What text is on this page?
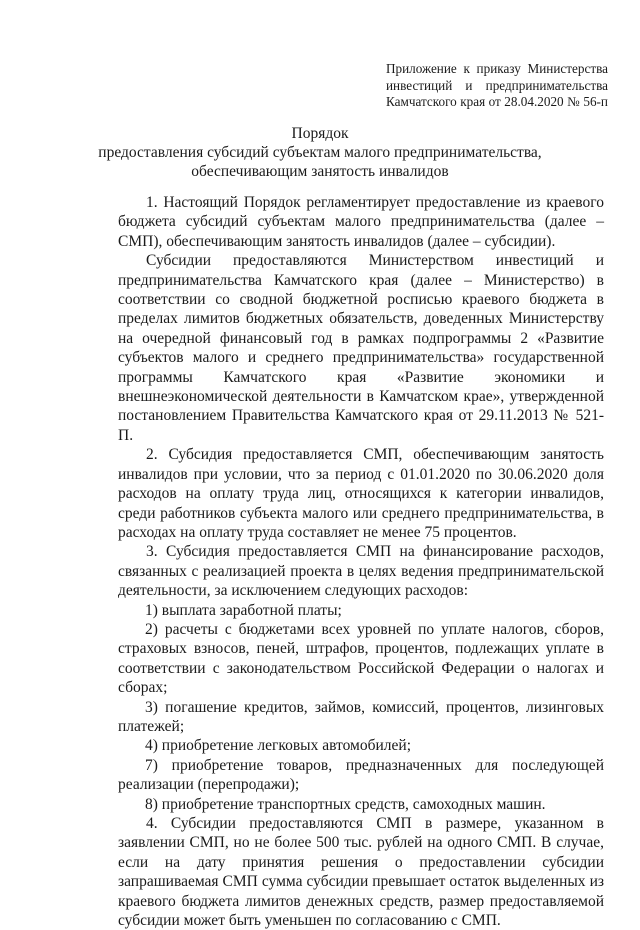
Приложение к приказу Министерства
инвестиций и предпринимательства
Камчатского края от 28.04.2020 № 56-п
Порядок
предоставления субсидий субъектам малого предпринимательства,
обеспечивающим занятость инвалидов

1. Настоящий Порядок регламентирует предоставление из краевого бюджета субсидий субъектам малого предпринимательства (далее – СМП), обеспечивающим занятость инвалидов (далее – субсидии).

Субсидии предоставляются Министерством инвестиций и предпринимательства Камчатского края (далее – Министерство) в соответствии со сводной бюджетной росписью краевого бюджета в пределах лимитов бюджетных обязательств, доведенных Министерству на очередной финансовый год в рамках подпрограммы 2 «Развитие субъектов малого и среднего предпринимательства» государственной программы Камчатского края «Развитие экономики и внешнеэкономической деятельности в Камчатском крае», утвержденной постановлением Правительства Камчатского края от 29.11.2013 № 521-П.

2. Субсидия предоставляется СМП, обеспечивающим занятость инвалидов при условии, что за период с 01.01.2020 по 30.06.2020 доля расходов на оплату труда лиц, относящихся к категории инвалидов, среди работников субъекта малого или среднего предпринимательства, в расходах на оплату труда составляет не менее 75 процентов.

3. Субсидия предоставляется СМП на финансирование расходов, связанных с реализацией проекта в целях ведения предпринимательской деятельности, за исключением следующих расходов:

1) выплата заработной платы;

2) расчеты с бюджетами всех уровней по уплате налогов, сборов, страховых взносов, пеней, штрафов, процентов, подлежащих уплате в соответствии с законодательством Российской Федерации о налогах и сборах;

3) погашение кредитов, займов, комиссий, процентов, лизинговых платежей;

4) приобретение легковых автомобилей;

7) приобретение товаров, предназначенных для последующей реализации (перепродажи);

8) приобретение транспортных средств, самоходных машин.

4. Субсидии предоставляются СМП в размере, указанном в заявлении СМП, но не более 500 тыс. рублей на одного СМП. В случае, если на дату принятия решения о предоставлении субсидии запрашиваемая СМП сумма субсидии превышает остаток выделенных из краевого бюджета лимитов денежных средств, размер предоставляемой субсидии может быть уменьшен по согласованию с СМП.
